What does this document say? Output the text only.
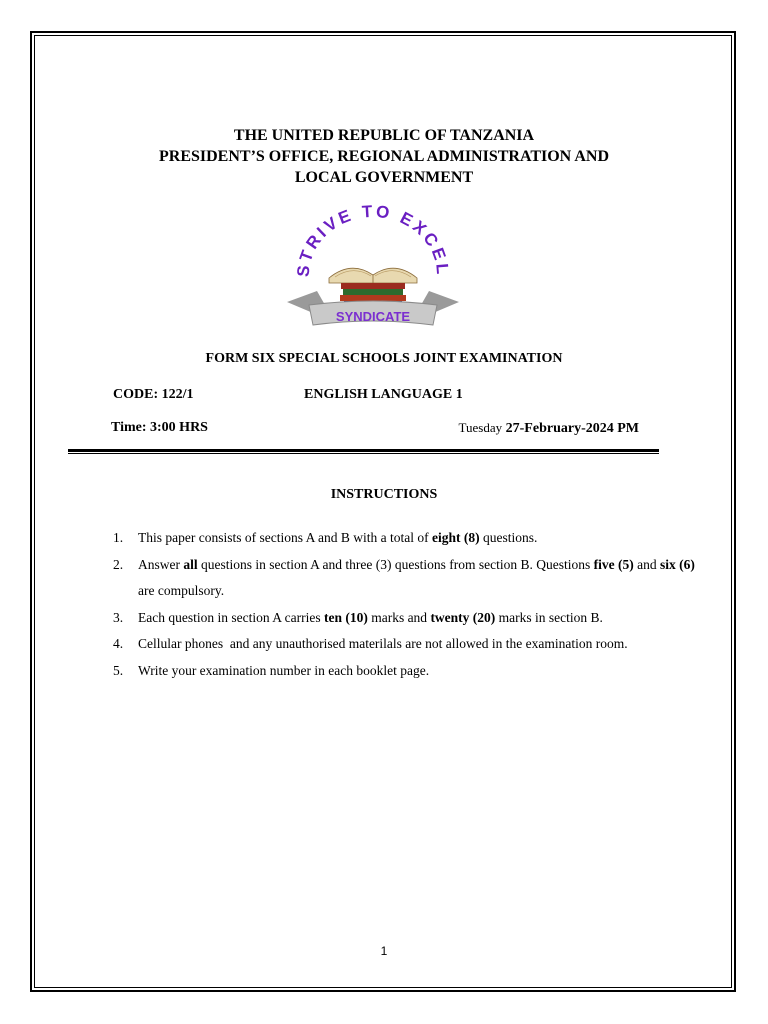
THE UNITED REPUBLIC OF TANZANIA
PRESIDENT’S OFFICE, REGIONAL ADMINISTRATION AND
LOCAL GOVERNMENT
STRIVE TO EXCEL
SYNDICATE
FORM SIX SPECIAL SCHOOLS JOINT EXAMINATION
CODE: 122/1	ENGLISH LANGUAGE 1
Time: 3:00 HRS	Tuesday 27-February-2024 PM
INSTRUCTIONS
1. This paper consists of sections A and B with a total of eight (8) questions.
2. Answer all questions in section A and three (3) questions from section B. Questions five (5) and six (6) are compulsory.
3. Each question in section A carries ten (10) marks and twenty (20) marks in section B.
4. Cellular phones  and any unauthorised materilals are not allowed in the examination room.
5. Write your examination number in each booklet page.
1
